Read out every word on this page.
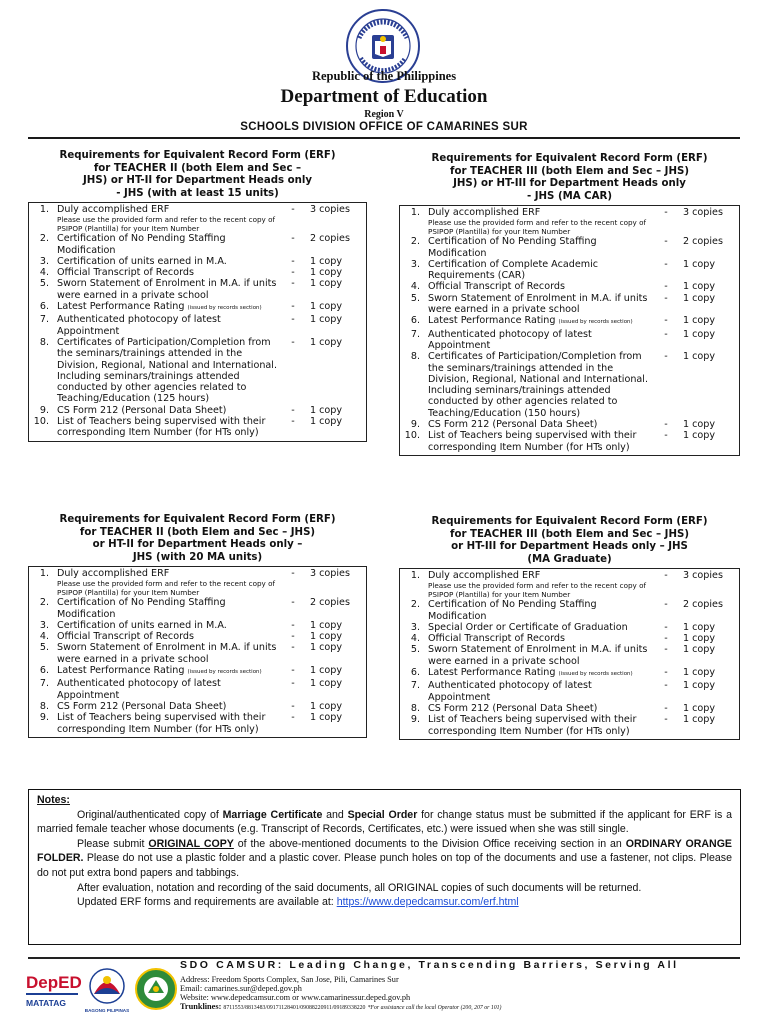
Republic of the Philippines
Department of Education
Region V
SCHOOLS DIVISION OFFICE OF CAMARINES SUR
Requirements for Equivalent Record Form (ERF)
for TEACHER II (both Elem and Sec –
JHS) or HT-II for Department Heads only
- JHS (with at least 15 units)
1. Duly accomplished ERF
Please use the provided form and refer to the recent copy of PSIPOP (Plantilla) for your Item Number
-	3 copies
2. Certification of No Pending Staffing Modification
-	2 copies
3. Certification of units earned in M.A.	-	1 copy
4. Official Transcript of Records	-	1 copy
5. Sworn Statement of Enrolment in M.A. if units were earned in a private school
-	1 copy
6. Latest Performance Rating (issued by records section)	-	1 copy
7. Authenticated photocopy of latest Appointment
-	1 copy
8. Certificates of Participation/Completion from the seminars/trainings attended in the Division, Regional, National and International. Including seminars/trainings attended conducted by other agencies related to Teaching/Education (125 hours)
-	1 copy
9. CS Form 212 (Personal Data Sheet)	-	1 copy
10. List of Teachers being supervised with their corresponding Item Number (for HTs only)
-	1 copy
Requirements for Equivalent Record Form (ERF)
for TEACHER III (both Elem and Sec – JHS)
JHS) or HT-III for Department Heads only
- JHS (MA CAR)
1. Duly accomplished ERF
Please use the provided form and refer to the recent copy of PSIPOP (Plantilla) for your Item Number
-	3 copies
2. Certification of No Pending Staffing Modification
-	2 copies
3. Certification of Complete Academic Requirements (CAR)
-	1 copy
4. Official Transcript of Records	-	1 copy
5. Sworn Statement of Enrolment in M.A. if units were earned in a private school
-	1 copy
6. Latest Performance Rating (issued by records section)	-	1 copy
7. Authenticated photocopy of latest Appointment
-	1 copy
8. Certificates of Participation/Completion from the seminars/trainings attended in the Division, Regional, National and International. Including seminars/trainings attended conducted by other agencies related to Teaching/Education (150 hours)
-	1 copy
9. CS Form 212 (Personal Data Sheet)	-	1 copy
10. List of Teachers being supervised with their corresponding Item Number (for HTs only)
-	1 copy
Requirements for Equivalent Record Form (ERF)
for TEACHER II (both Elem and Sec – JHS)
or HT-II for Department Heads only –
JHS (with 20 MA units)
1. Duly accomplished ERF
Please use the provided form and refer to the recent copy of PSIPOP (Plantilla) for your Item Number
-	3 copies
2. Certification of No Pending Staffing Modification
-	2 copies
3. Certification of units earned in M.A.	-	1 copy
4. Official Transcript of Records	-	1 copy
5. Sworn Statement of Enrolment in M.A. if units were earned in a private school
-	1 copy
6. Latest Performance Rating (issued by records section)	-	1 copy
7. Authenticated photocopy of latest Appointment
-	1 copy
8. CS Form 212 (Personal Data Sheet)	-	1 copy
9. List of Teachers being supervised with their corresponding Item Number (for HTs only)
-	1 copy
Requirements for Equivalent Record Form (ERF)
for TEACHER III (both Elem and Sec – JHS)
or HT-III for Department Heads only – JHS
(MA Graduate)
1. Duly accomplished ERF
Please use the provided form and refer to the recent copy of PSIPOP (Plantilla) for your Item Number
-	3 copies
2. Certification of No Pending Staffing Modification
-	2 copies
3. Special Order or Certificate of Graduation	-	1 copy
4. Official Transcript of Records	-	1 copy
5. Sworn Statement of Enrolment in M.A. if units were earned in a private school
-	1 copy
6. Latest Performance Rating (issued by records section)	-	1 copy
7. Authenticated photocopy of latest Appointment
-	1 copy
8. CS Form 212 (Personal Data Sheet)	-	1 copy
9. List of Teachers being supervised with their corresponding Item Number (for HTs only)
-	1 copy
Notes:

Original/authenticated copy of Marriage Certificate and Special Order for change status must be submitted if the applicant for ERF is a married female teacher whose documents (e.g. Transcript of Records, Certificates, etc.) were issued when she was still single.

Please submit ORIGINAL COPY of the above-mentioned documents to the Division Office receiving section in an ORDINARY ORANGE FOLDER. Please do not use a plastic folder and a plastic cover. Please punch holes on top of the documents and use a fastener, not clips. Please do not put extra bond papers and tabbings.

After evaluation, notation and recording of the said documents, all ORIGINAL copies of such documents will be returned.

Updated ERF forms and requirements are available at: https://www.depedcamsur.com/erf.html

DepED
MATATAG
BAGONG PILIPINAS
SDO CAMSUR: Leading Change, Transcending Barriers, Serving All
Address: Freedom Sports Complex, San Jose, Pili, Camarines Sur
Email: camarines.sur@deped.gov.ph
Website: www.depedcamsur.com or www.camarinessur.deped.gov.ph
Trunklines: 8711553/8813483/09171128401/09088220911/09189338220 *For assistance call the local Operator (200, 207 or 101)
